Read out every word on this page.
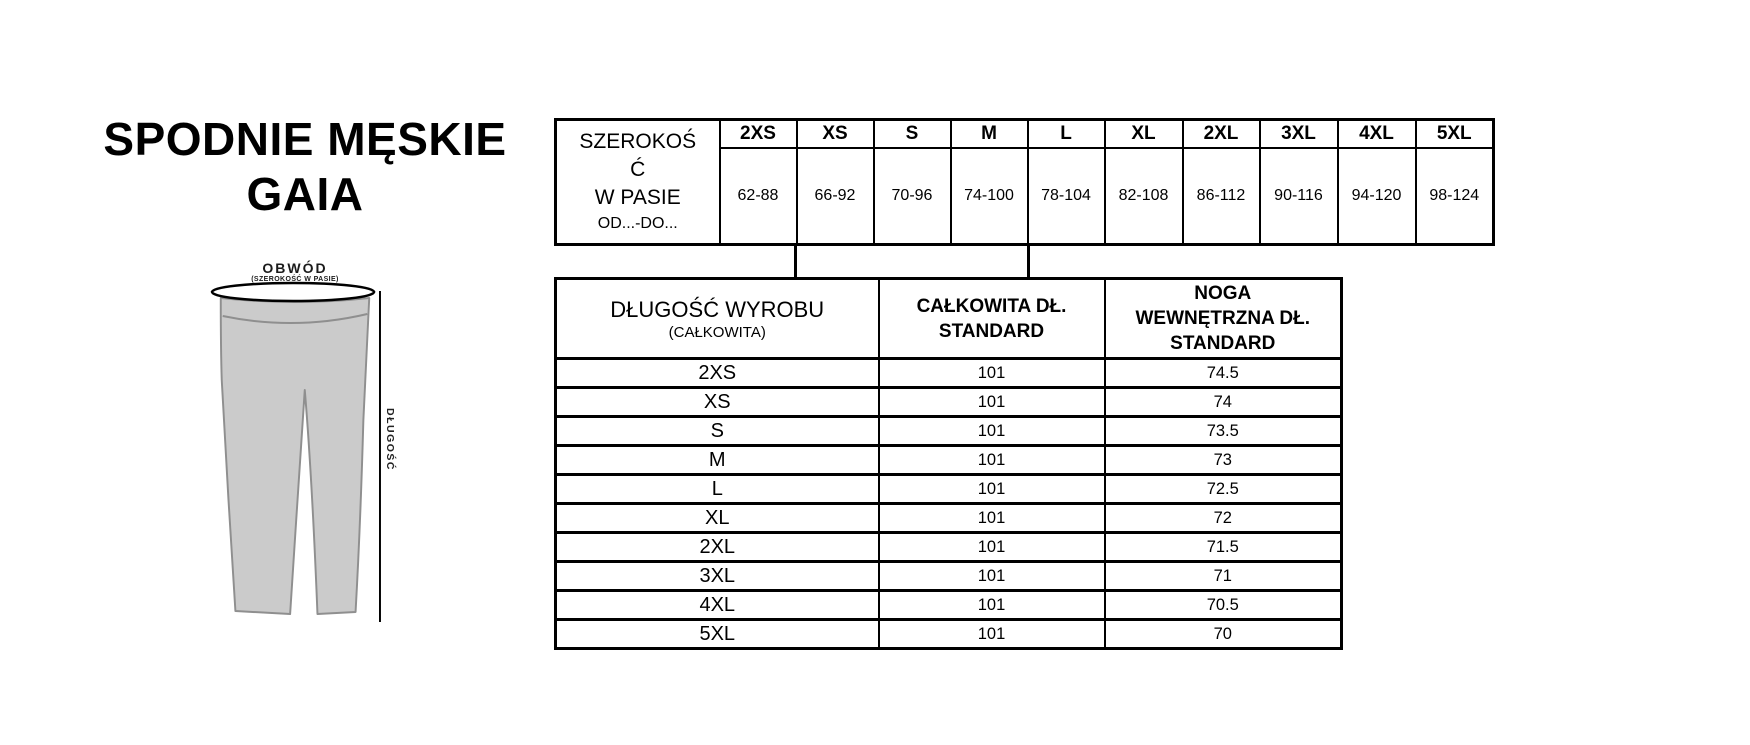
SPODNIE MĘSKIE
GAIA
OBWÓD
(SZEROKOŚĆ W PASIE)
DŁUGOŚĆ
SZEROKOŚ
Ć
W PASIE
OD...-DO...	2XS	XS	S	M	L	XL	2XL	3XL	4XL	5XL
	62-88	66-92	70-96	74-100	78-104	82-108	86-112	90-116	94-120	98-124
DŁUGOŚĆ WYROBU
(CAŁKOWITA)

CAŁKOWITA DŁ.
STANDARD

NOGA
WEWNĘTRZNA DŁ.
STANDARD

2XS	101	74.5
XS	101	74
S	101	73.5
M	101	73
L	101	72.5
XL	101	72
2XL	101	71.5
3XL	101	71
4XL	101	70.5
5XL	101	70
